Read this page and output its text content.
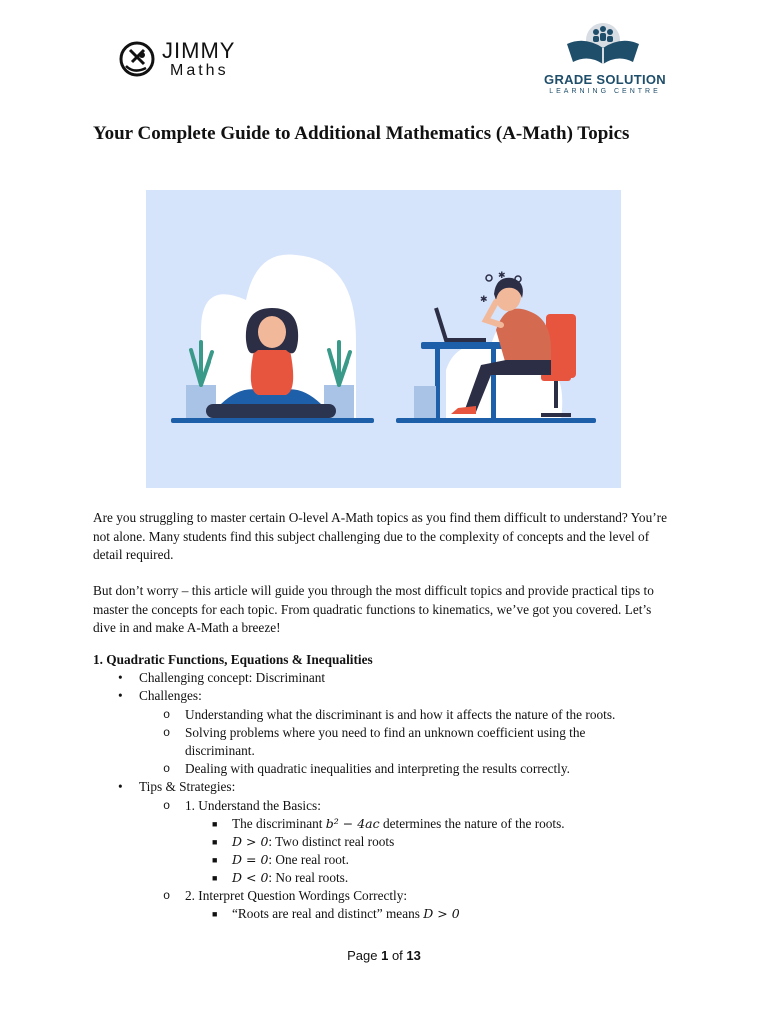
JIMMY
Maths
GRADE SOLUTION
LEARNING CENTRE
Your Complete Guide to Additional Mathematics (A-Math) Topics
✱
✱

Are you struggling to master certain O-level A-Math topics as you find them difficult to understand? You’re not alone. Many students find this subject challenging due to the complexity of concepts and the level of detail required.

But don’t worry – this article will guide you through the most difficult topics and provide practical tips to master the concepts for each topic. From quadratic functions to kinematics, we’ve got you covered. Let’s dive in and make A-Math a breeze!

1. Quadratic Functions, Equations & Inequalities
• Challenging concept: Discriminant
• Challenges:
o Understanding what the discriminant is and how it affects the nature of the roots.
o Solving problems where you need to find an unknown coefficient using the
discriminant.
o Dealing with quadratic inequalities and interpreting the results correctly.
• Tips & Strategies:
o 1. Understand the Basics:
■ The discriminant b² − 4ac determines the nature of the roots.
■ D > 0: Two distinct real roots
■ D = 0: One real root.
■ D < 0: No real roots.
o 2. Interpret Question Wordings Correctly:
■ “Roots are real and distinct” means D > 0
Page 1 of 13
